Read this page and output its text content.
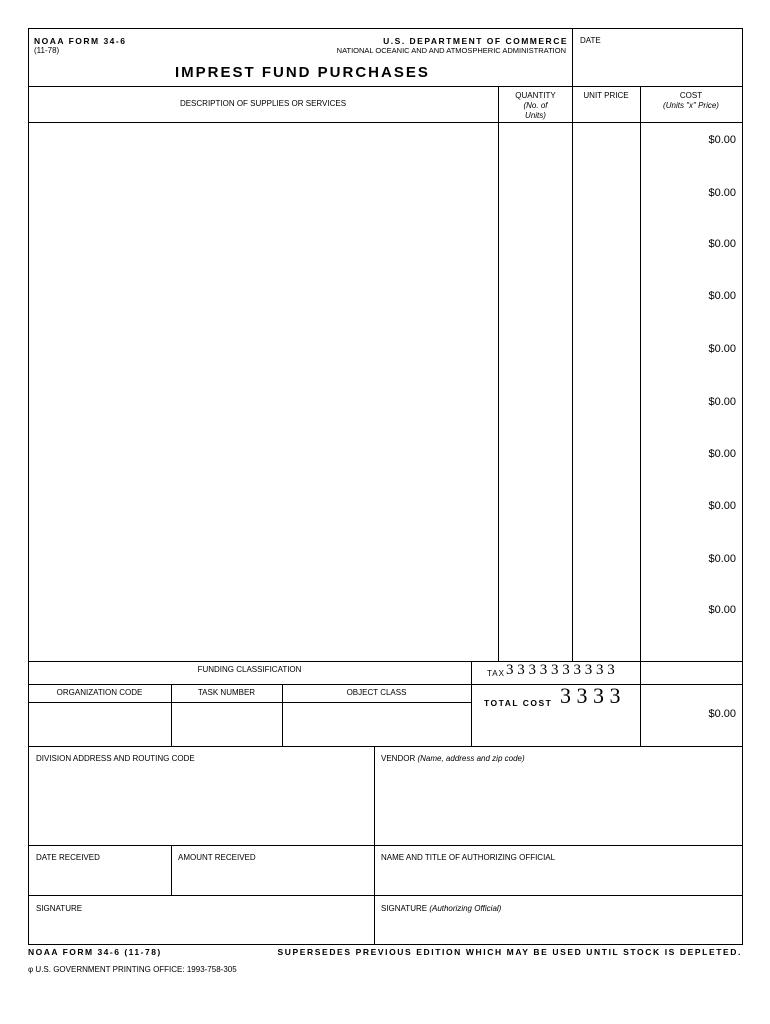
NOAA FORM 34-6
(11-78)
U.S. DEPARTMENT OF COMMERCE
NATIONAL OCEANIC AND AND ATMOSPHERIC ADMINISTRATION
IMPREST FUND PURCHASES
DATE
DESCRIPTION OF SUPPLIES OR SERVICES
QUANTITY
(No. of
Units)
UNIT PRICE	COST
(Units "x" Price)
$0.00
$0.00
$0.00
$0.00
$0.00
$0.00
$0.00
$0.00
$0.00
$0.00
FUNDING CLASSIFICATION
ORGANIZATION CODE	TASK NUMBER	OBJECT CLASS
TAX 3 3 3 3 3 3 3 3 3 3
TOTAL COST 3 3 3 3
$0.00
DIVISION ADDRESS AND ROUTING CODE	VENDOR (Name, address and zip code)
DATE RECEIVED	AMOUNT RECEIVED	NAME AND TITLE OF AUTHORIZING OFFICIAL
SIGNATURE	SIGNATURE (Authorizing Official)
NOAA FORM 34-6 (11-78)	SUPERSEDES PREVIOUS EDITION WHICH MAY BE USED UNTIL STOCK IS DEPLETED.
φ U.S. GOVERNMENT PRINTING OFFICE: 1993-758-305
